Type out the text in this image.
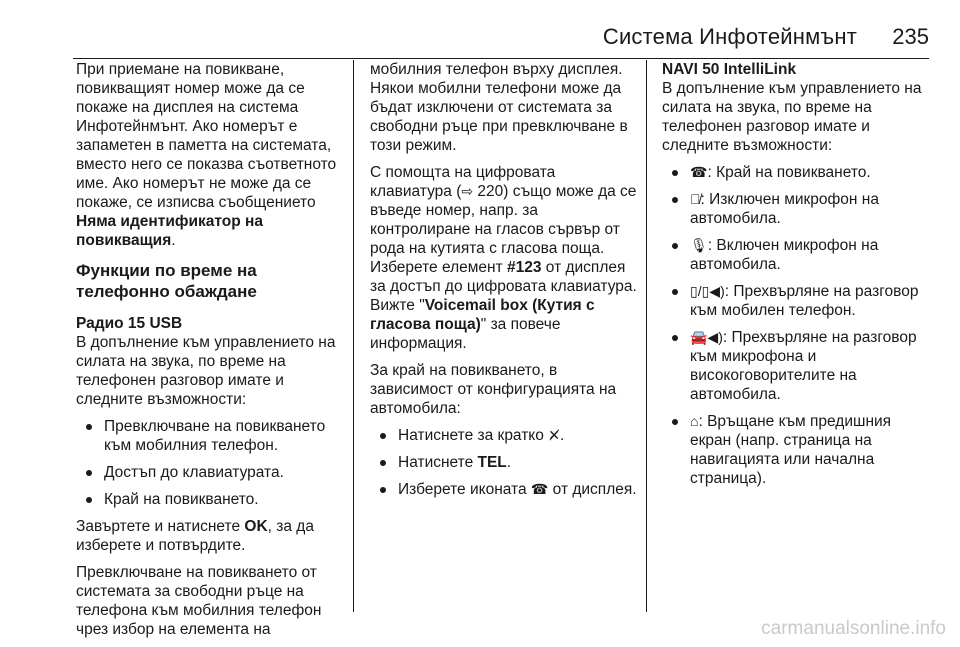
Система Инфотейнмънт 235

При приемане на повикване, повикващият номер може да се покаже на дисплея на система Инфотейнмънт. Ако номерът е запаметен в паметта на системата, вместо него се показва съответното име. Ако номерът не може да се покаже, се изписва съобщението Няма идентификатор на повикващия.

Функции по време на телефонно обаждане
Радио 15 USB

В допълнение към управлението на силата на звука, по време на телефонен разговор имате и следните възможности:

Превключване на повикването към мобилния телефон.
Достъп до клавиатурата.
Край на повикването.

Завъртете и натиснете OK, за да изберете и потвърдите.

Превключване на повикването от системата за свободни ръце на телефона към мобилния телефон чрез избор на елемента на

мобилния телефон върху дисплея. Някои мобилни телефони може да бъдат изключени от системата за свободни ръце при превключване в този режим.

С помощта на цифровата клавиатура (⇨ 220) също може да се въведе номер, напр. за контролиране на гласов сървър от рода на кутията с гласова поща. Изберете елемент #123 от дисплея за достъп до цифровата клавиатура. Вижте "Voicemail box (Кутия с гласова поща)" за повече информация.

За край на повикването, в зависимост от конфигурацията на автомобила:

Натиснете за кратко ✕̸.
Натиснете TEL.
Изберете иконата ☎ от дисплея.
NAVI 50 IntelliLink

В допълнение към управлението на силата на звука, по време на телефонен разговор имате и следните възможности:

☎: Край на повикването.
🎙̸: Изключен микрофон на автомобила.
🎙: Включен микрофон на автомобила.
▯/▯◀): Прехвърляне на разговор към мобилен телефон.
🚘◀): Прехвърляне на разговор към микрофона и високоговорителите на автомобила.
⌂: Връщане към предишния екран (напр. страница на навигацията или начална страница).
carmanualsonline.info
